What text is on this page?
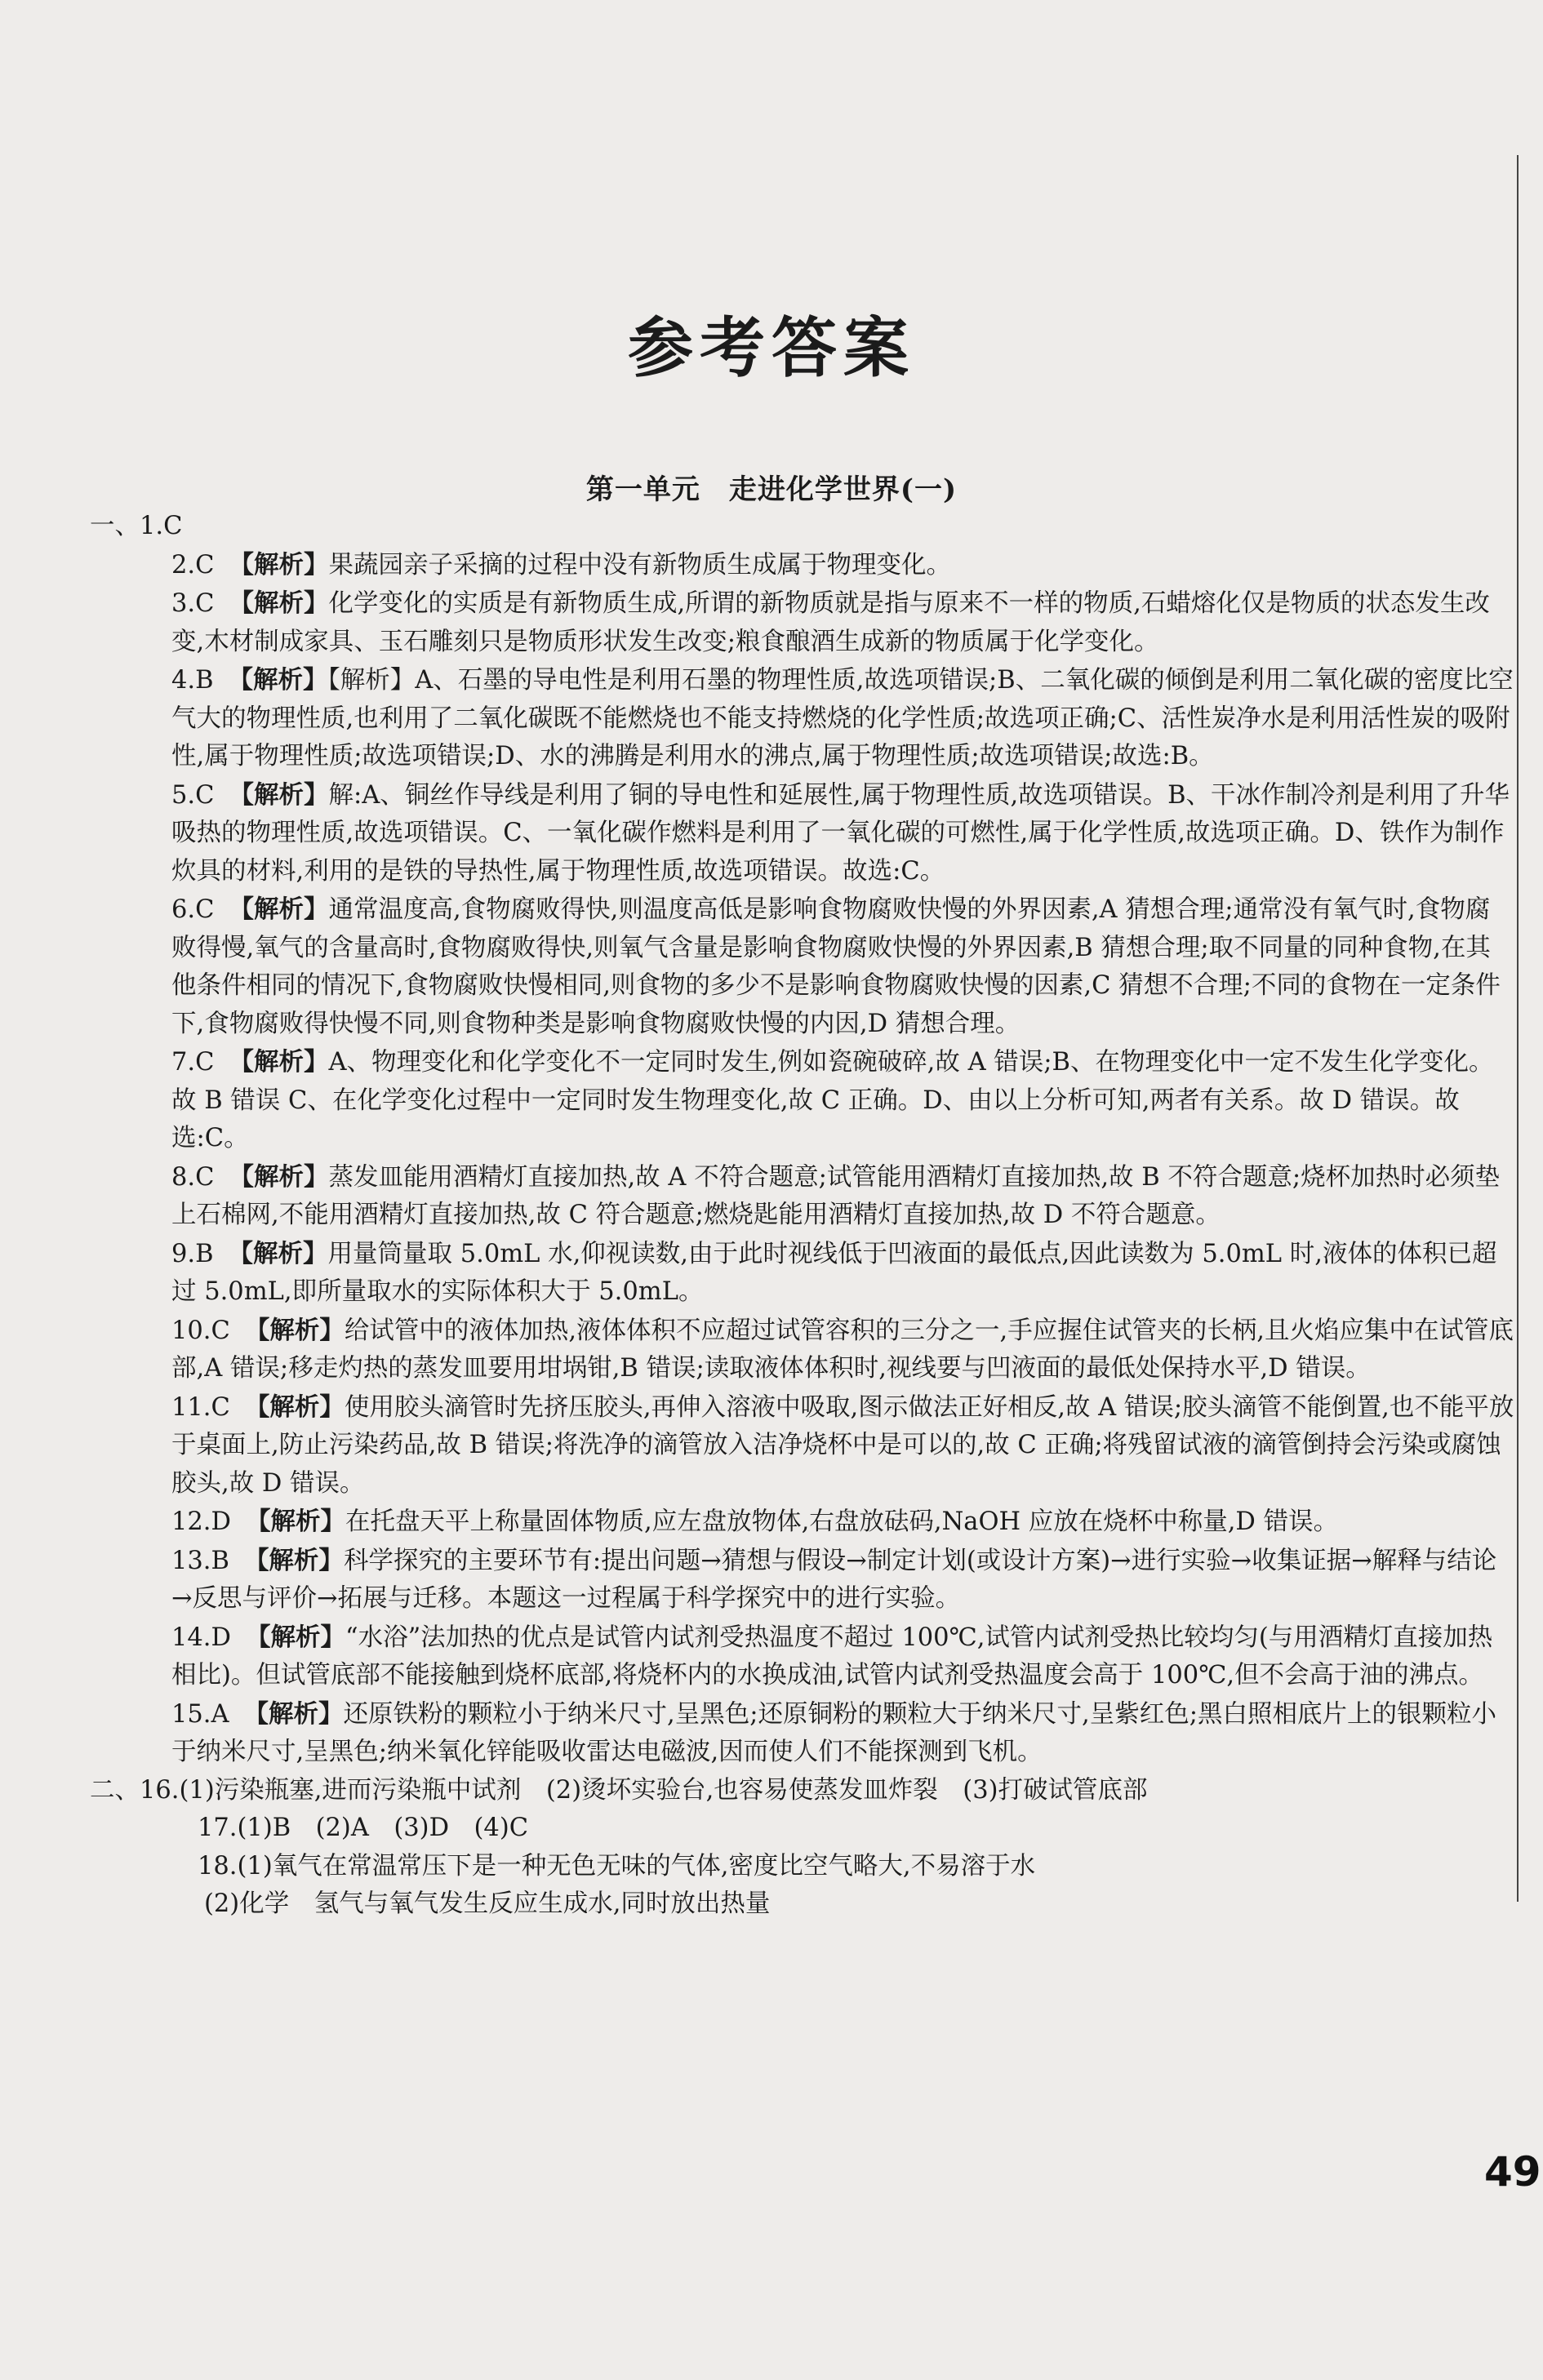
参考答案
第一单元　走进化学世界(一)
一、1.C
2.C 【解析】果蔬园亲子采摘的过程中没有新物质生成属于物理变化。
3.C 【解析】化学变化的实质是有新物质生成,所谓的新物质就是指与原来不一样的物质,石蜡熔化仅是物质的状态发生改变,木材制成家具、玉石雕刻只是物质形状发生改变;粮食酿酒生成新的物质属于化学变化。
4.B 【解析】【解析】A、石墨的导电性是利用石墨的物理性质,故选项错误;B、二氧化碳的倾倒是利用二氧化碳的密度比空气大的物理性质,也利用了二氧化碳既不能燃烧也不能支持燃烧的化学性质;故选项正确;C、活性炭净水是利用活性炭的吸附性,属于物理性质;故选项错误;D、水的沸腾是利用水的沸点,属于物理性质;故选项错误;故选:B。
5.C 【解析】解:A、铜丝作导线是利用了铜的导电性和延展性,属于物理性质,故选项错误。B、干冰作制冷剂是利用了升华吸热的物理性质,故选项错误。C、一氧化碳作燃料是利用了一氧化碳的可燃性,属于化学性质,故选项正确。D、铁作为制作炊具的材料,利用的是铁的导热性,属于物理性质,故选项错误。故选:C。
6.C 【解析】通常温度高,食物腐败得快,则温度高低是影响食物腐败快慢的外界因素,A 猜想合理;通常没有氧气时,食物腐败得慢,氧气的含量高时,食物腐败得快,则氧气含量是影响食物腐败快慢的外界因素,B 猜想合理;取不同量的同种食物,在其他条件相同的情况下,食物腐败快慢相同,则食物的多少不是影响食物腐败快慢的因素,C 猜想不合理;不同的食物在一定条件下,食物腐败得快慢不同,则食物种类是影响食物腐败快慢的内因,D 猜想合理。
7.C 【解析】A、物理变化和化学变化不一定同时发生,例如瓷碗破碎,故 A 错误;B、在物理变化中一定不发生化学变化。故 B 错误 C、在化学变化过程中一定同时发生物理变化,故 C 正确。D、由以上分析可知,两者有关系。故 D 错误。故选:C。
8.C 【解析】蒸发皿能用酒精灯直接加热,故 A 不符合题意;试管能用酒精灯直接加热,故 B 不符合题意;烧杯加热时必须垫上石棉网,不能用酒精灯直接加热,故 C 符合题意;燃烧匙能用酒精灯直接加热,故 D 不符合题意。
9.B 【解析】用量筒量取 5.0mL 水,仰视读数,由于此时视线低于凹液面的最低点,因此读数为 5.0mL 时,液体的体积已超过 5.0mL,即所量取水的实际体积大于 5.0mL。
10.C 【解析】给试管中的液体加热,液体体积不应超过试管容积的三分之一,手应握住试管夹的长柄,且火焰应集中在试管底部,A 错误;移走灼热的蒸发皿要用坩埚钳,B 错误;读取液体体积时,视线要与凹液面的最低处保持水平,D 错误。
11.C 【解析】使用胶头滴管时先挤压胶头,再伸入溶液中吸取,图示做法正好相反,故 A 错误;胶头滴管不能倒置,也不能平放于桌面上,防止污染药品,故 B 错误;将洗净的滴管放入洁净烧杯中是可以的,故 C 正确;将残留试液的滴管倒持会污染或腐蚀胶头,故 D 错误。
12.D 【解析】在托盘天平上称量固体物质,应左盘放物体,右盘放砝码,NaOH 应放在烧杯中称量,D 错误。
13.B 【解析】科学探究的主要环节有:提出问题→猜想与假设→制定计划(或设计方案)→进行实验→收集证据→解释与结论→反思与评价→拓展与迁移。本题这一过程属于科学探究中的进行实验。
14.D 【解析】“水浴”法加热的优点是试管内试剂受热温度不超过 100℃,试管内试剂受热比较均匀(与用酒精灯直接加热相比)。但试管底部不能接触到烧杯底部,将烧杯内的水换成油,试管内试剂受热温度会高于 100℃,但不会高于油的沸点。
15.A 【解析】还原铁粉的颗粒小于纳米尺寸,呈黑色;还原铜粉的颗粒大于纳米尺寸,呈紫红色;黑白照相底片上的银颗粒小于纳米尺寸,呈黑色;纳米氧化锌能吸收雷达电磁波,因而使人们不能探测到飞机。
二、16.(1)污染瓶塞,进而污染瓶中试剂　(2)烫坏实验台,也容易使蒸发皿炸裂　(3)打破试管底部
17.(1)B　(2)A　(3)D　(4)C
18.(1)氧气在常温常压下是一种无色无味的气体,密度比空气略大,不易溶于水
(2)化学　氢气与氧气发生反应生成水,同时放出热量
49
